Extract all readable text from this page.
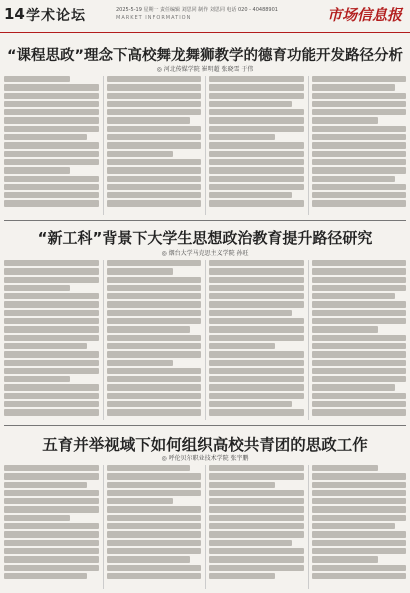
14 学术论坛	2025-5-19 星期一 责任编辑 刘思同 制作 刘思同 电话 020 - 40488901
MARKET INFORMATION	市场信息报
“课程思政”理念下高校舞龙舞狮教学的德育功能开发路径分析
◎ 河北传媒学院 崔明超 张晓雪 于伟
“新工科”背景下大学生思想政治教育提升路径研究
◎ 烟台大学马克思主义学院 孙旺
五育并举视域下如何组织高校共青团的思政工作
◎ 呼伦贝尔职业技术学院 张宇鹏
